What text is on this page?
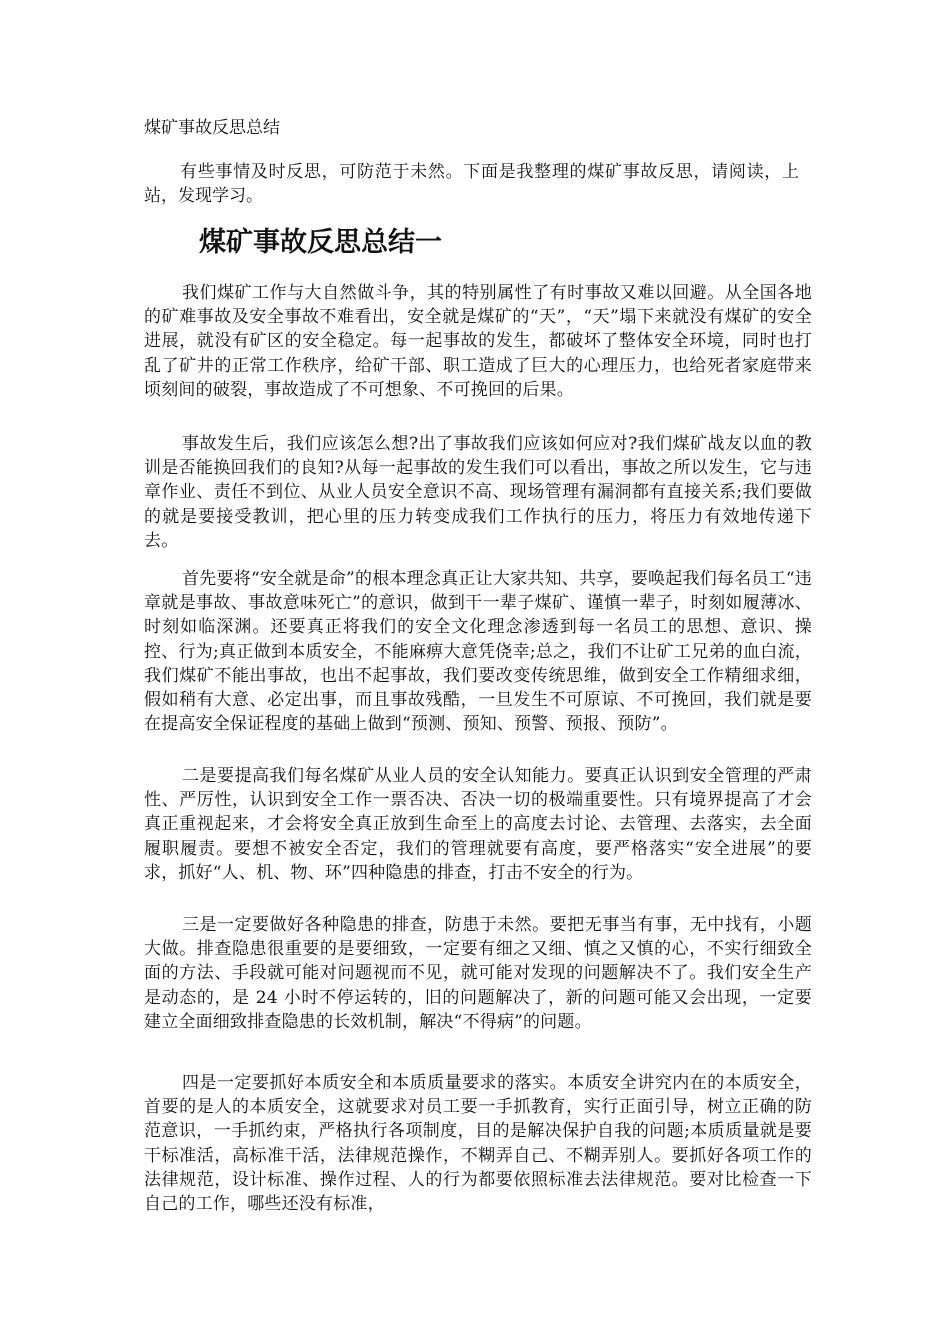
煤矿事故反思总结

有些事情及时反思，可防范于未然。下面是我整理的煤矿事故反思，请阅读，上站，发现学习。

煤矿事故反思总结一

我们煤矿工作与大自然做斗争，其的特别属性了有时事故又难以回避。从全国各地的矿难事故及安全事故不难看出，安全就是煤矿的“天”，“天”塌下来就没有煤矿的安全进展，就没有矿区的安全稳定。每一起事故的发生，都破坏了整体安全环境，同时也打乱了矿井的正常工作秩序，给矿干部、职工造成了巨大的心理压力，也给死者家庭带来顷刻间的破裂，事故造成了不可想象、不可挽回的后果。

事故发生后，我们应该怎么想?出了事故我们应该如何应对?我们煤矿战友以血的教训是否能换回我们的良知?从每一起事故的发生我们可以看出，事故之所以发生，它与违章作业、责任不到位、从业人员安全意识不高、现场管理有漏洞都有直接关系;我们要做的就是要接受教训，把心里的压力转变成我们工作执行的压力，将压力有效地传递下去。

首先要将“安全就是命”的根本理念真正让大家共知、共享，要唤起我们每名员工“违章就是事故、事故意味死亡”的意识，做到干一辈子煤矿、谨慎一辈子，时刻如履薄冰、时刻如临深渊。还要真正将我们的安全文化理念渗透到每一名员工的思想、意识、操控、行为;真正做到本质安全，不能麻痹大意凭侥幸;总之，我们不让矿工兄弟的血白流，我们煤矿不能出事故，也出不起事故，我们要改变传统思维，做到安全工作精细求细，假如稍有大意、必定出事，而且事故残酷，一旦发生不可原谅、不可挽回，我们就是要在提高安全保证程度的基础上做到“预测、预知、预警、预报、预防”。

二是要提高我们每名煤矿从业人员的安全认知能力。要真正认识到安全管理的严肃性、严厉性，认识到安全工作一票否决、否决一切的极端重要性。只有境界提高了才会真正重视起来，才会将安全真正放到生命至上的高度去讨论、去管理、去落实，去全面履职履责。要想不被安全否定，我们的管理就要有高度，要严格落实“安全进展”的要求，抓好“人、机、物、环”四种隐患的排查，打击不安全的行为。

三是一定要做好各种隐患的排查，防患于未然。要把无事当有事，无中找有，小题大做。排查隐患很重要的是要细致，一定要有细之又细、慎之又慎的心，不实行细致全面的方法、手段就可能对问题视而不见，就可能对发现的问题解决不了。我们安全生产是动态的，是 24 小时不停运转的，旧的问题解决了，新的问题可能又会出现，一定要建立全面细致排查隐患的长效机制，解决“不得病”的问题。

四是一定要抓好本质安全和本质质量要求的落实。本质安全讲究内在的本质安全，首要的是人的本质安全，这就要求对员工要一手抓教育，实行正面引导，树立正确的防范意识，一手抓约束，严格执行各项制度，目的是解决保护自我的问题;本质质量就是要干标准活，高标准干活，法律规范操作，不糊弄自己、不糊弄别人。要抓好各项工作的法律规范，设计标准、操作过程、人的行为都要依照标准去法律规范。要对比检查一下自己的工作，哪些还没有标准，
